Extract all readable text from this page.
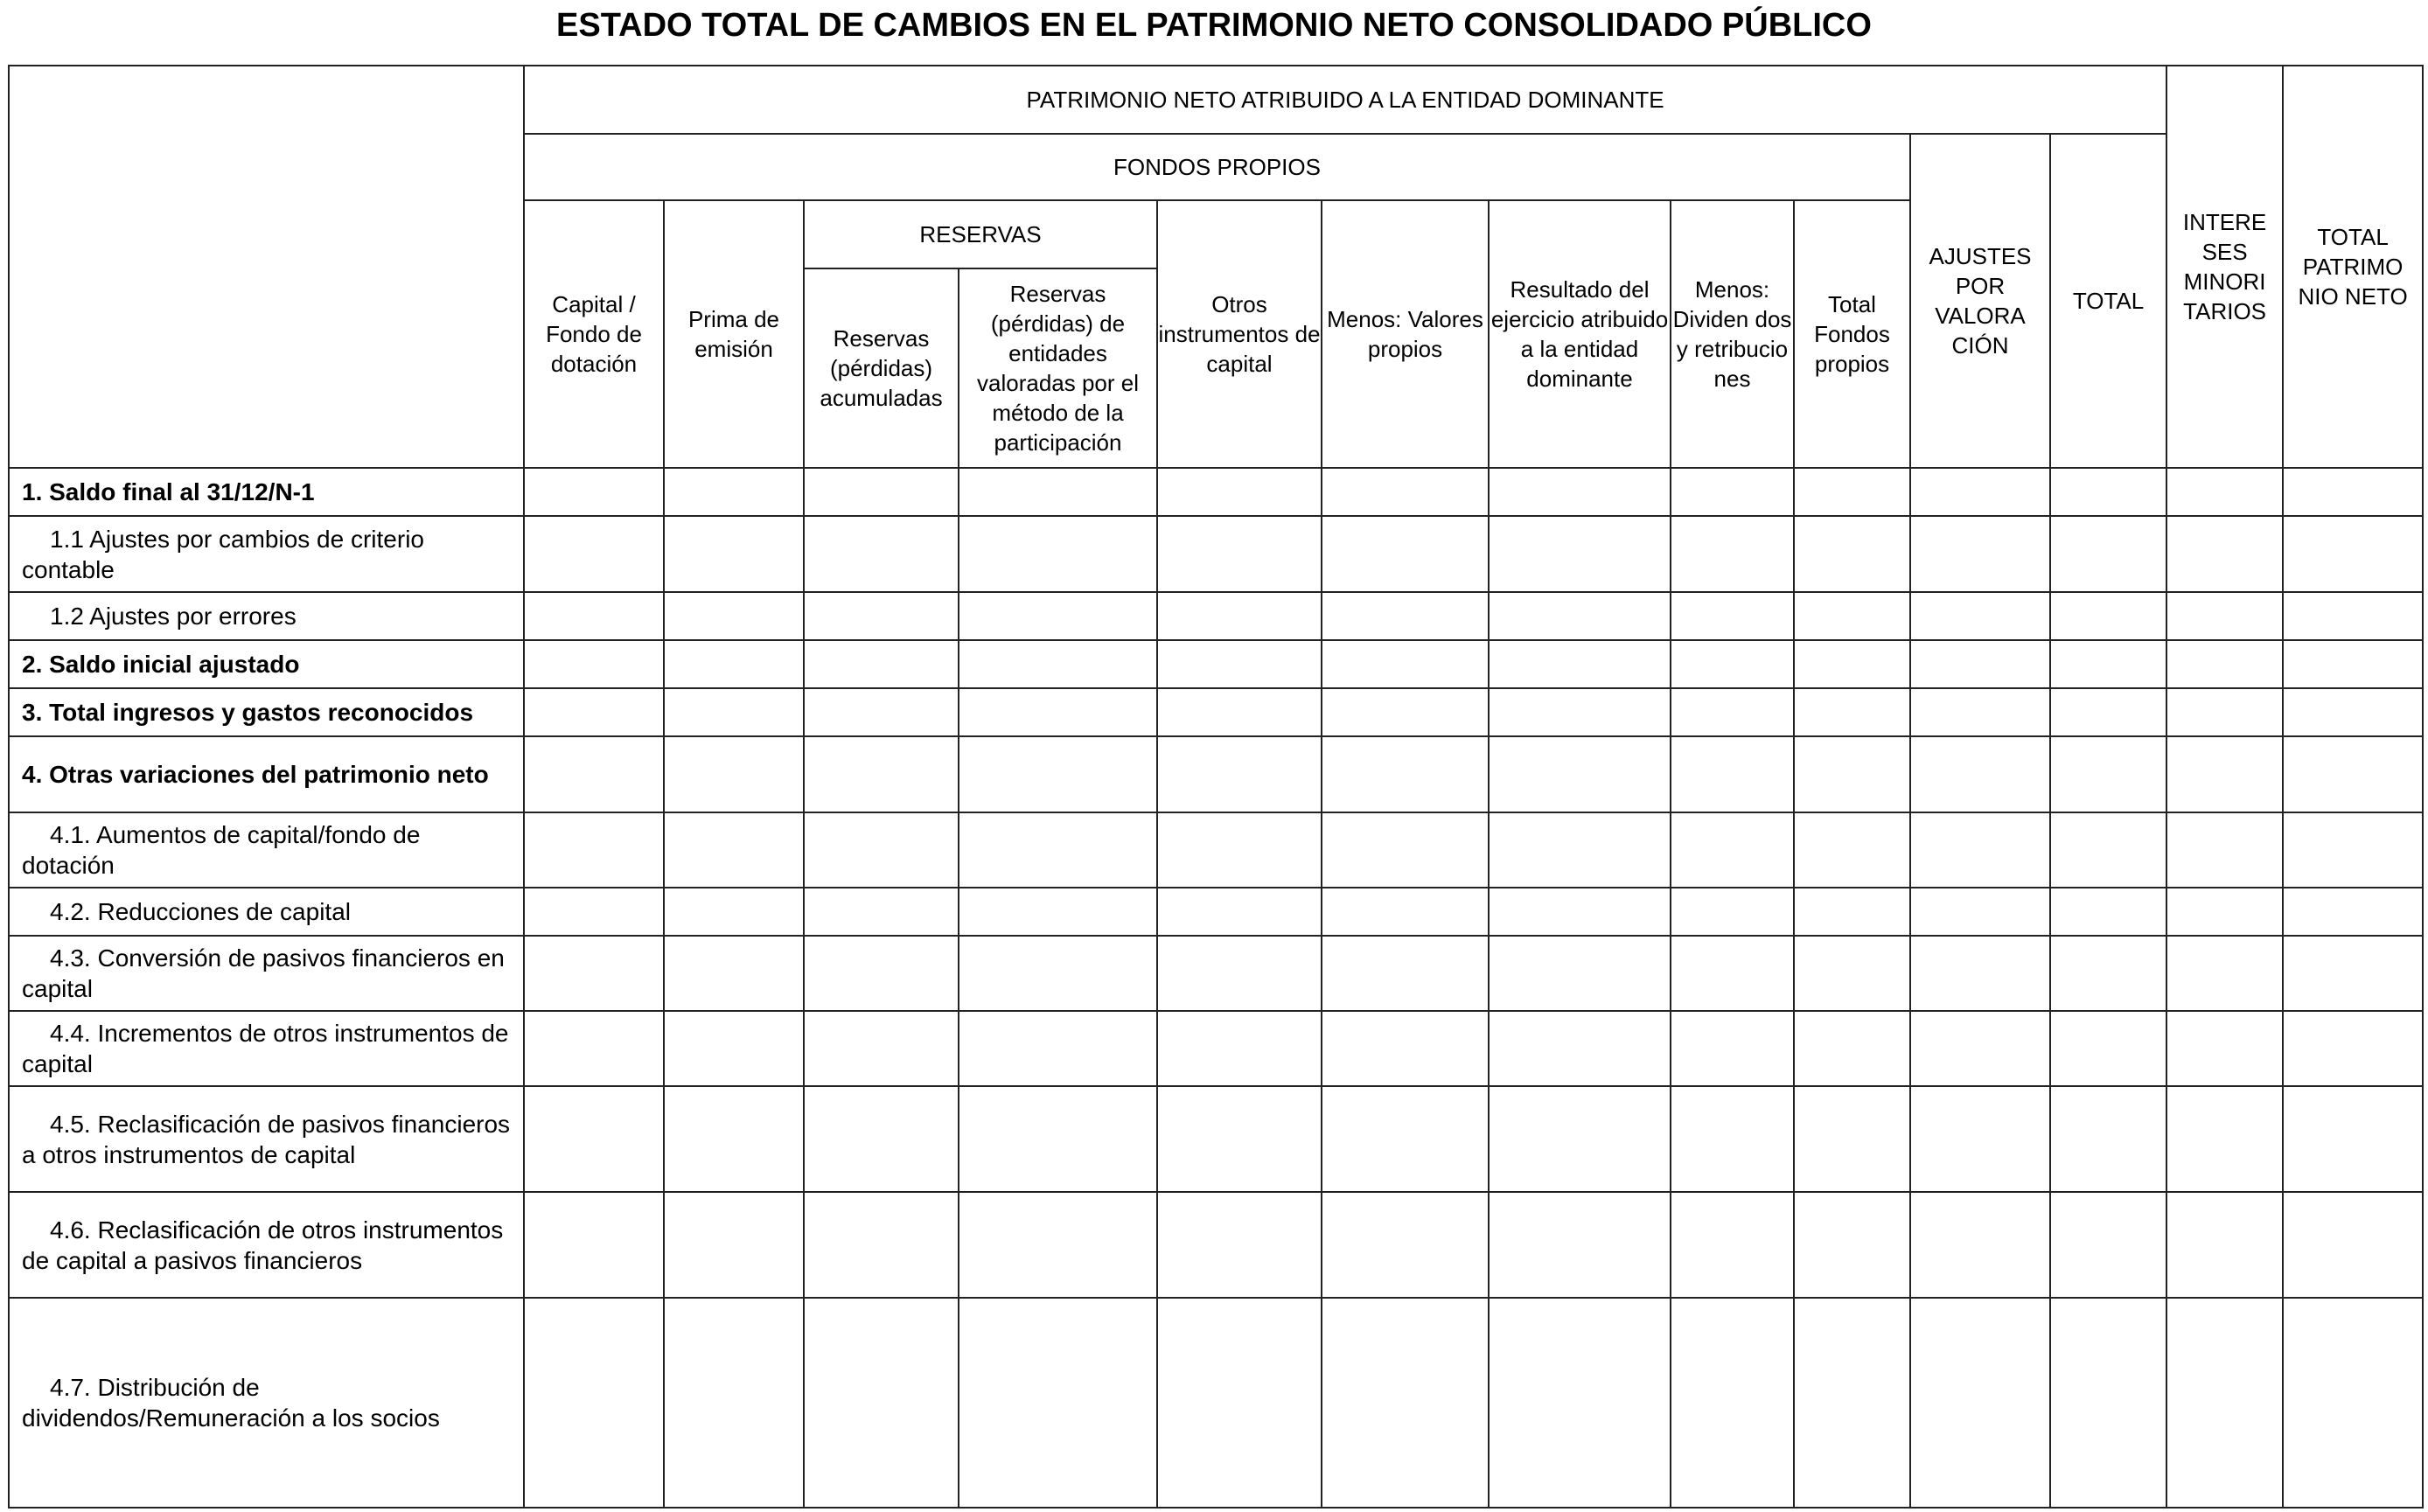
ESTADO TOTAL DE CAMBIOS EN EL PATRIMONIO NETO CONSOLIDADO PÚBLICO
	PATRIMONIO NETO ATRIBUIDO A LA ENTIDAD DOMINANTE											INTERE SES MINORI TARIOS	TOTAL PATRIMO NIO NETO
	FONDOS PROPIOS									AJUSTES POR VALORA CIÓN	TOTAL		
	Capital / Fondo de dotación	Prima de emisión	RESERVAS		Otros instrumentos de capital	Menos: Valores propios	Resultado del ejercicio atribuido a la entidad dominante	Menos: Dividen dos y retribucio nes	Total Fondos propios				
			Reservas (pérdidas) acumuladas	Reservas (pérdidas) de entidades valoradas por el método de la participación									
1. Saldo final al 31/12/N-1													
1.1 Ajustes por cambios de criterio contable													
1.2 Ajustes por errores													
2. Saldo inicial ajustado													
3. Total ingresos y gastos reconocidos													
4. Otras variaciones del patrimonio neto													
4.1. Aumentos de capital/fondo de dotación													
4.2. Reducciones de capital													
4.3. Conversión de pasivos financieros en capital													
4.4. Incrementos de otros instrumentos de capital													
4.5. Reclasificación de pasivos financieros a otros instrumentos de capital													
4.6. Reclasificación de otros instrumentos de capital a pasivos financieros													
4.7. Distribución de dividendos/Remuneración a los socios													
